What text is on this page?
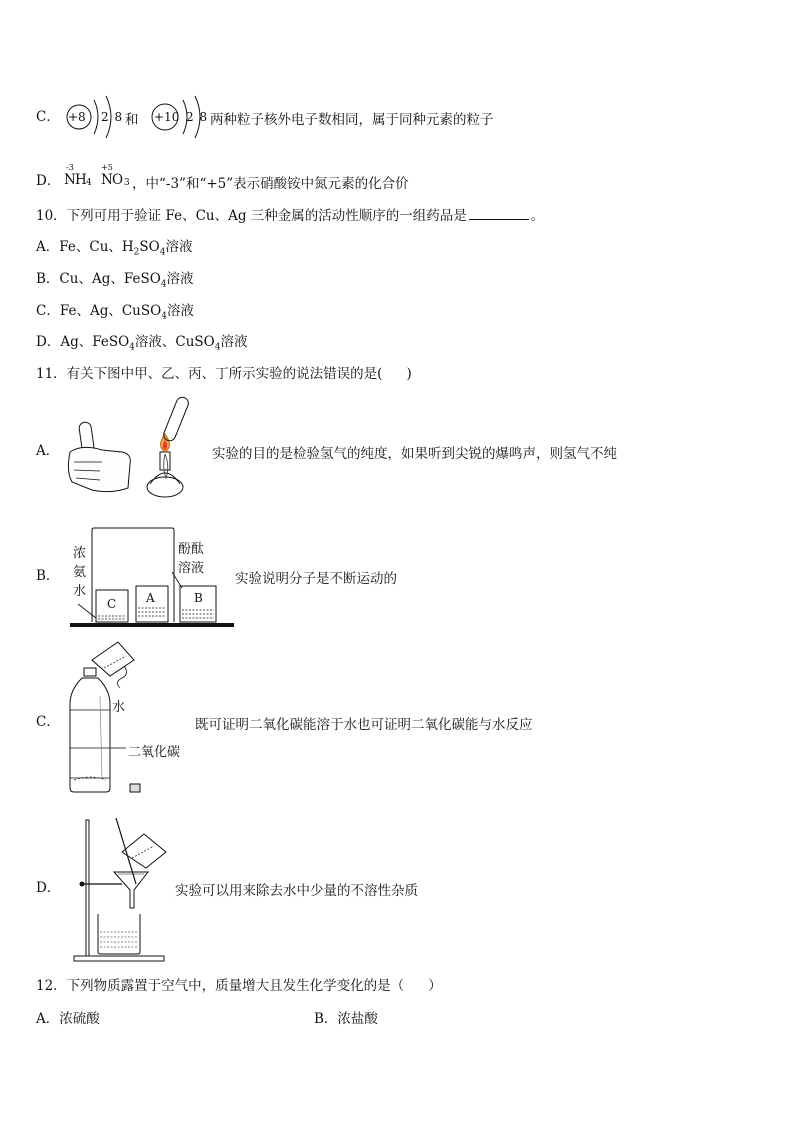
C． +8 2 8 和 +10 2 8 两种粒子核外电子数相同，属于同种元素的粒子
D．
-3
N H 4
+5
N O 3 ，中“-3”和“+5”表示硝酸铵中氮元素的化合价
10．下列可用于验证 Fe、Cu、Ag 三种金属的活动性顺序的一组药品是	。
A．Fe、Cu、$H_2SO_4$溶液
B．Cu、Ag、FeSO$_4$溶液
C．Fe、Ag、CuSO$_4$溶液
D．Ag、FeSO$_4$溶液、CuSO$_4$溶液
11．有关下图中甲、乙、丙、丁所示实验的说法错误的是( )
A．	实验的目的是检验氢气的纯度，如果听到尖锐的爆鸣声，则氢气不纯
B．
浓
氨
水
酚酞
溶液
C A	B
实验说明分子是不断运动的
C．
水
二氧化碳
既可证明二氧化碳能溶于水也可证明二氧化碳能与水反应
D．	实验可以用来除去水中少量的不溶性杂质
12．下列物质露置于空气中，质量增大且发生化学变化的是（ ）
A．浓硫酸	B．浓盐酸
